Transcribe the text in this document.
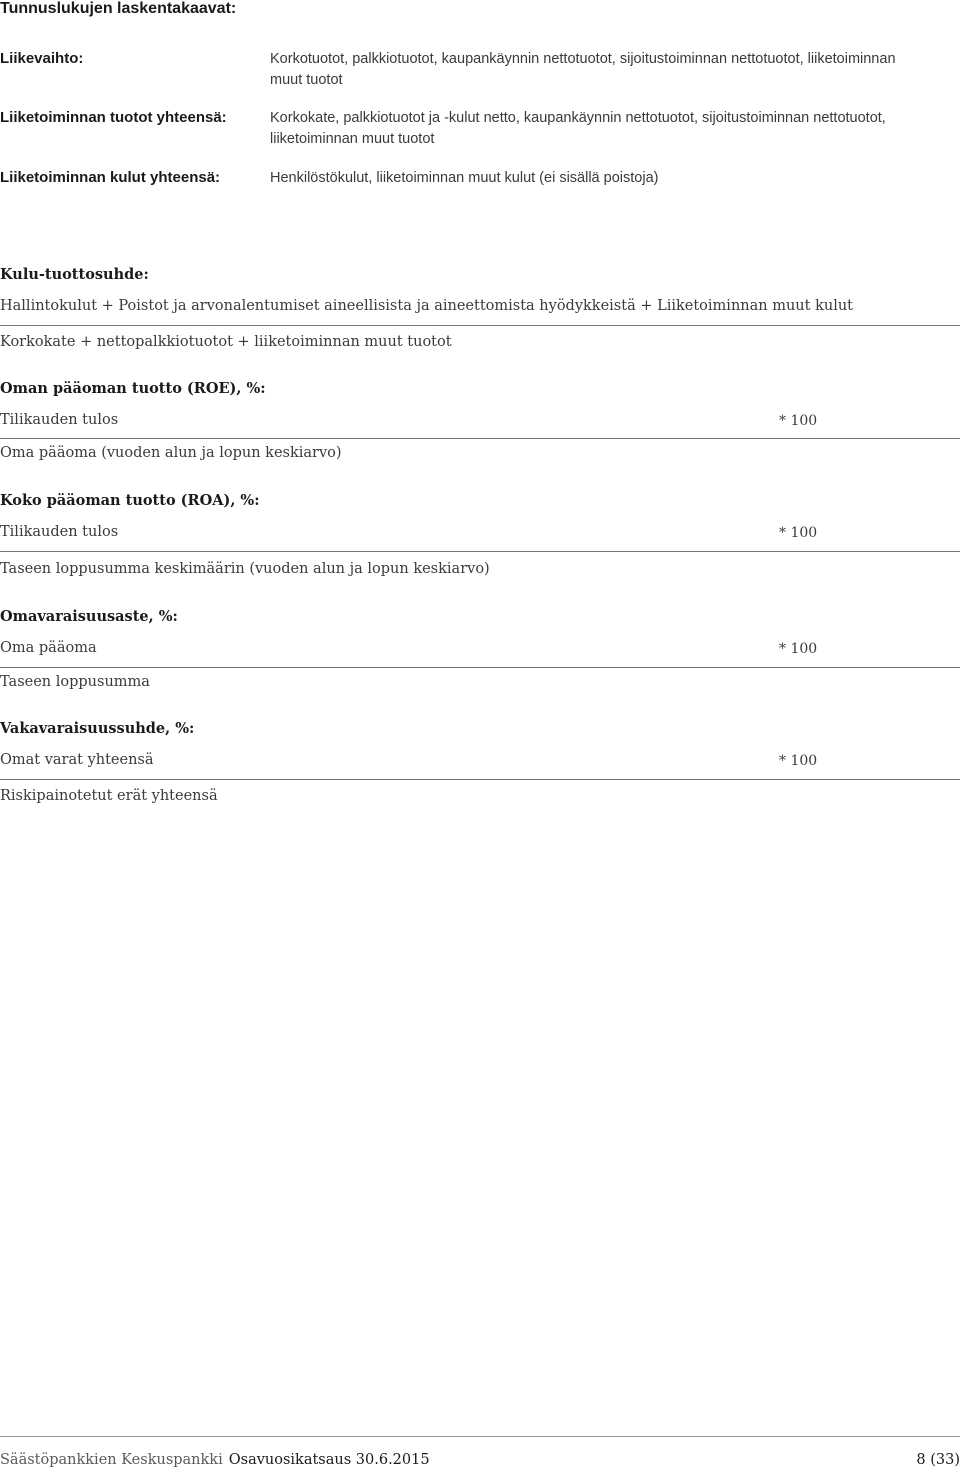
Tunnuslukujen laskentakaavat:
Liikevaihto:	Korkotuotot, palkkiotuotot, kaupankäynnin nettotuotot, sijoitustoiminnan nettotuotot, liiketoiminnan muut tuotot
Liiketoiminnan tuotot yhteensä:	Korkokate, palkkiotuotot ja -kulut netto, kaupankäynnin nettotuotot, sijoitustoiminnan nettotuotot, liiketoiminnan muut tuotot
Liiketoiminnan kulut yhteensä:	Henkilöstökulut, liiketoiminnan muut kulut (ei sisällä poistoja)
Kulu-tuottosuhde:
Hallintokulut + Poistot ja arvonalentumiset aineellisista ja aineettomista hyödykkeistä + Liiketoiminnan muut kulut
Korkokate + nettopalkkiotuotot + liiketoiminnan muut tuotot
Oman pääoman tuotto (ROE), %:
Tilikauden tulos	* 100
Oma pääoma (vuoden alun ja lopun keskiarvo)
Koko pääoman tuotto (ROA), %:
Tilikauden tulos	* 100
Taseen loppusumma keskimäärin (vuoden alun ja lopun keskiarvo)
Omavaraisuusaste, %:
Oma pääoma	* 100
Taseen loppusumma
Vakavaraisuussuhde, %:
Omat varat yhteensä	* 100
Riskipainotetut erät yhteensä
Säästöpankkien Keskuspankki Osavuosikatsaus 30.6.2015	8 (33)
